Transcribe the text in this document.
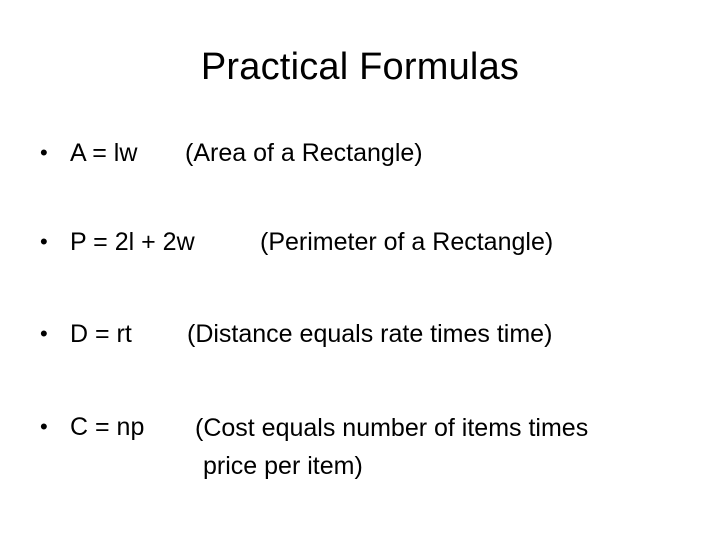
Practical Formulas
• A = lw (Area of a Rectangle)
• P = 2l + 2w	(Perimeter of a Rectangle)
• D = rt (Distance equals rate times time)
• C = np (Cost equals number of items times
price per item)
